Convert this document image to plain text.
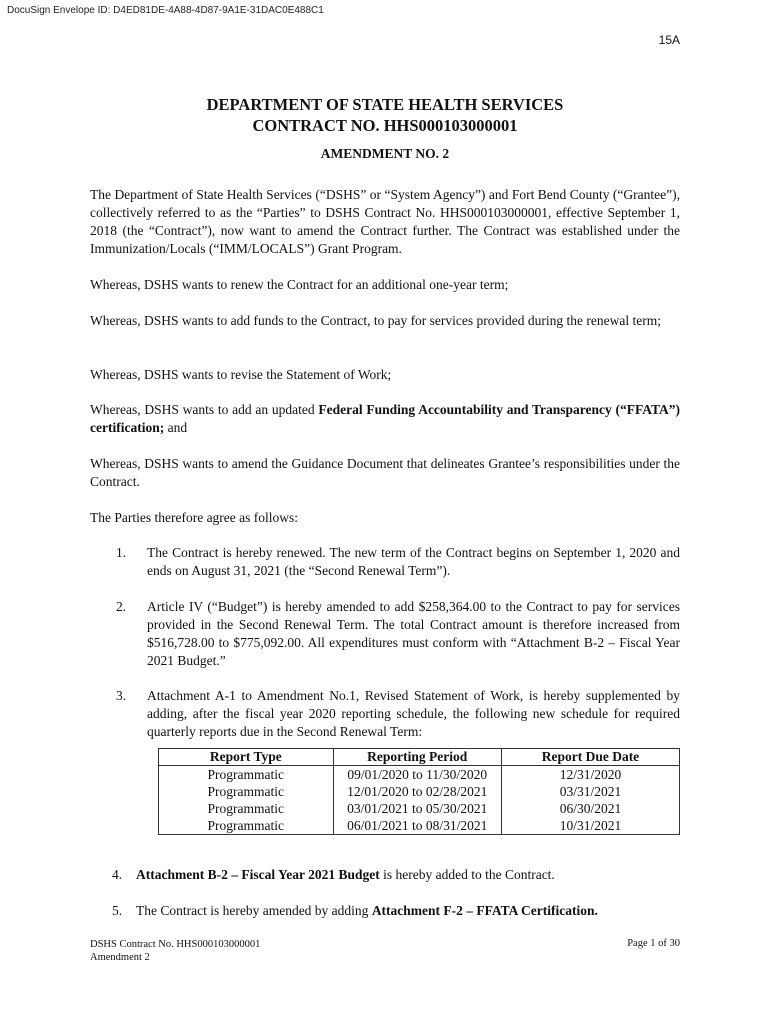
DocuSign Envelope ID: D4ED81DE-4A88-4D87-9A1E-31DAC0E488C1
15A
DEPARTMENT OF STATE HEALTH SERVICES
CONTRACT NO. HHS000103000001
AMENDMENT NO. 2
The Department of State Health Services (“DSHS” or “System Agency”) and Fort Bend County (“Grantee”), collectively referred to as the “Parties” to DSHS Contract No. HHS000103000001, effective September 1, 2018 (the “Contract”), now want to amend the Contract further. The Contract was established under the Immunization/Locals (“IMM/LOCALS”) Grant Program.
Whereas, DSHS wants to renew the Contract for an additional one-year term;
Whereas, DSHS wants to add funds to the Contract, to pay for services provided during the renewal term;
Whereas, DSHS wants to revise the Statement of Work;
Whereas, DSHS wants to add an updated Federal Funding Accountability and Transparency (“FFATA”) certification; and
Whereas, DSHS wants to amend the Guidance Document that delineates Grantee’s responsibilities under the Contract.
The Parties therefore agree as follows:
1. The Contract is hereby renewed. The new term of the Contract begins on September 1, 2020 and ends on August 31, 2021 (the “Second Renewal Term”).
2. Article IV (“Budget”) is hereby amended to add $258,364.00 to the Contract to pay for services provided in the Second Renewal Term. The total Contract amount is therefore increased from $516,728.00 to $775,092.00. All expenditures must conform with “Attachment B-2 – Fiscal Year 2021 Budget.”
3. Attachment A-1 to Amendment No.1, Revised Statement of Work, is hereby supplemented by adding, after the fiscal year 2020 reporting schedule, the following new schedule for required quarterly reports due in the Second Renewal Term:
Report Type	Reporting Period	Report Due Date
Programmatic	09/01/2020 to 11/30/2020	12/31/2020
Programmatic	12/01/2020 to 02/28/2021	03/31/2021
Programmatic	03/01/2021 to 05/30/2021	06/30/2021
Programmatic	06/01/2021 to 08/31/2021	10/31/2021
4. Attachment B-2 – Fiscal Year 2021 Budget is hereby added to the Contract.
5. The Contract is hereby amended by adding Attachment F-2 – FFATA Certification.
DSHS Contract No. HHS000103000001
Amendment 2
Page 1 of 30
